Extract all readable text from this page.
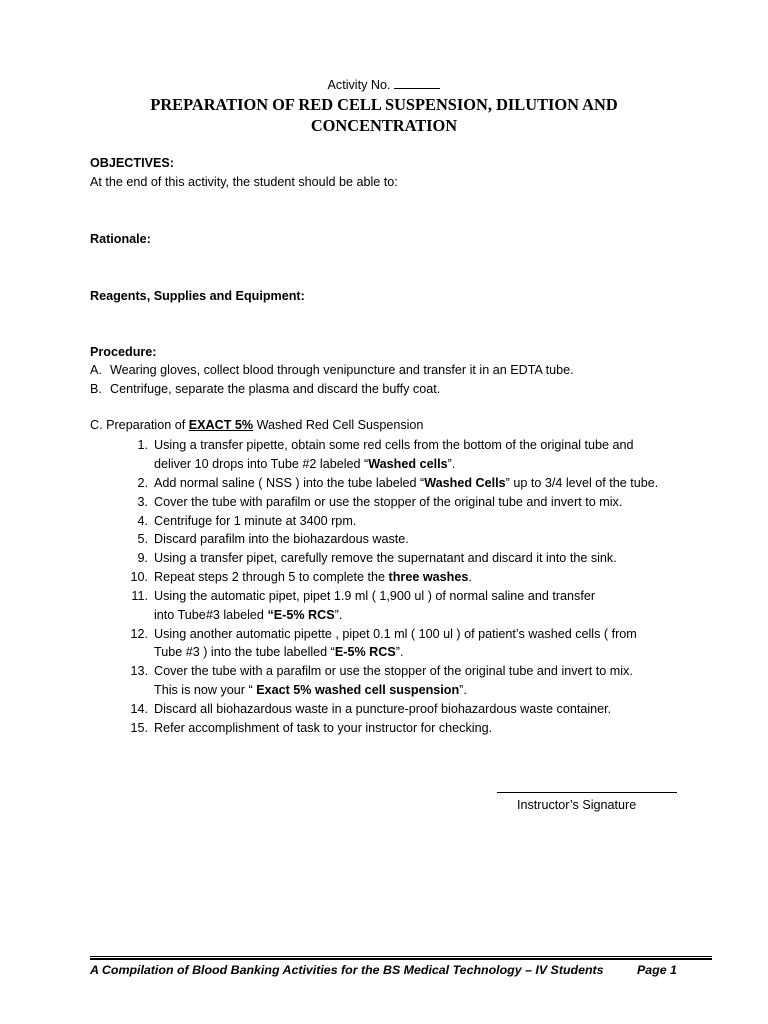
Activity No.
PREPARATION OF RED CELL SUSPENSION, DILUTION AND
CONCENTRATION
OBJECTIVES:
At the end of this activity, the student should be able to:
Rationale:
Reagents, Supplies and Equipment:
Procedure:
A. Wearing gloves, collect blood through venipuncture and transfer it in an EDTA tube.
B. Centrifuge, separate the plasma and discard the buffy coat.
C. Preparation of EXACT 5% Washed Red Cell Suspension
1. Using a transfer pipette, obtain some red cells from the bottom of the original tube and
deliver 10 drops into Tube #2 labeled “Washed cells”.
2. Add normal saline ( NSS ) into the tube labeled “Washed Cells” up to 3/4 level of the tube.
3. Cover the tube with parafilm or use the stopper of the original tube and invert to mix.
4. Centrifuge for 1 minute at 3400 rpm.
5. Discard parafilm into the biohazardous waste.
9. Using a transfer pipet, carefully remove the supernatant and discard it into the sink.
10. Repeat steps 2 through 5 to complete the three washes.
11. Using the automatic pipet, pipet 1.9 ml ( 1,900 ul ) of normal saline and transfer
into Tube#3 labeled “E-5% RCS”.
12. Using another automatic pipette , pipet 0.1 ml ( 100 ul ) of patient’s washed cells ( from
Tube #3 ) into the tube labelled “E-5% RCS”.
13. Cover the tube with a parafilm or use the stopper of the original tube and invert to mix.
This is now your “ Exact 5% washed cell suspension”.
14. Discard all biohazardous waste in a puncture-proof biohazardous waste container.
15. Refer accomplishment of task to your instructor for checking.
Instructor’s Signature
A Compilation of Blood Banking Activities for the BS Medical Technology – IV Students	Page 1
